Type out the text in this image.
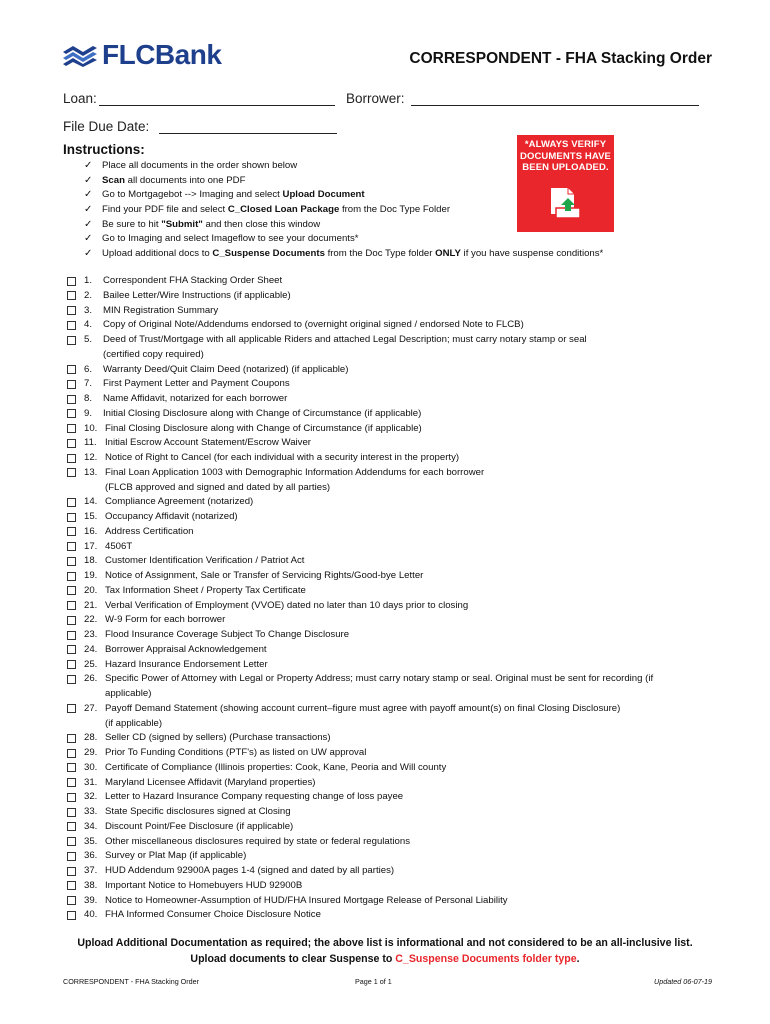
FLCBank	CORRESPONDENT - FHA Stacking Order
Loan:	Borrower:
File Due Date:
Instructions:
✓ Place all documents in the order shown below
✓ Scan all documents into one PDF
✓ Go to Mortgagebot --> Imaging and select Upload Document
✓ Find your PDF file and select C_Closed Loan Package from the Doc Type Folder
✓ Be sure to hit "Submit" and then close this window
✓ Go to Imaging and select Imageflow to see your documents*
✓ Upload additional docs to C_Suspense Documents from the Doc Type folder ONLY if you have suspense conditions*
*ALWAYS VERIFY
DOCUMENTS HAVE
BEEN UPLOADED.
1.	Correspondent FHA Stacking Order Sheet
2.	Bailee Letter/Wire Instructions (if applicable)
3.	MIN Registration Summary
4.	Copy of Original Note/Addendums endorsed to (overnight original signed / endorsed Note to FLCB)
5.	Deed of Trust/Mortgage with all applicable Riders and attached Legal Description; must carry notary stamp or seal
(certified copy required)
6.	Warranty Deed/Quit Claim Deed (notarized) (if applicable)
7.	First Payment Letter and Payment Coupons
8.	Name Affidavit, notarized for each borrower
9.	Initial Closing Disclosure along with Change of Circumstance (if applicable)
10. Final Closing Disclosure along with Change of Circumstance (if applicable)
11. Initial Escrow Account Statement/Escrow Waiver
12. Notice of Right to Cancel (for each individual with a security interest in the property)
13. Final Loan Application 1003 with Demographic Information Addendums for each borrower
(FLCB approved and signed and dated by all parties)
14. Compliance Agreement (notarized)
15. Occupancy Affidavit (notarized)
16. Address Certification
17. 4506T
18. Customer Identification Verification / Patriot Act
19. Notice of Assignment, Sale or Transfer of Servicing Rights/Good-bye Letter
20. Tax Information Sheet / Property Tax Certificate
21. Verbal Verification of Employment (VVOE) dated no later than 10 days prior to closing
22. W-9 Form for each borrower
23. Flood Insurance Coverage Subject To Change Disclosure
24. Borrower Appraisal Acknowledgement
25. Hazard Insurance Endorsement Letter
26. Specific Power of Attorney with Legal or Property Address; must carry notary stamp or seal. Original must be sent for recording (if
applicable)
27. Payoff Demand Statement (showing account current–figure must agree with payoff amount(s) on final Closing Disclosure)
(if applicable)
28. Seller CD (signed by sellers) (Purchase transactions)
29. Prior To Funding Conditions (PTF's) as listed on UW approval
30. Certificate of Compliance (Illinois properties: Cook, Kane, Peoria and Will county
31. Maryland Licensee Affidavit (Maryland properties)
32. Letter to Hazard Insurance Company requesting change of loss payee
33. State Specific disclosures signed at Closing
34. Discount Point/Fee Disclosure (if applicable)
35. Other miscellaneous disclosures required by state or federal regulations
36. Survey or Plat Map (if applicable)
37. HUD Addendum 92900A pages 1-4 (signed and dated by all parties)
38. Important Notice to Homebuyers HUD 92900B
39. Notice to Homeowner-Assumption of HUD/FHA Insured Mortgage Release of Personal Liability
40. FHA Informed Consumer Choice Disclosure Notice
Upload Additional Documentation as required; the above list is informational and not considered to be an all-inclusive list.
Upload documents to clear Suspense to C_Suspense Documents folder type.
CORRESPONDENT - FHA Stacking Order	Page 1 of 1	Updated 06-07-19
